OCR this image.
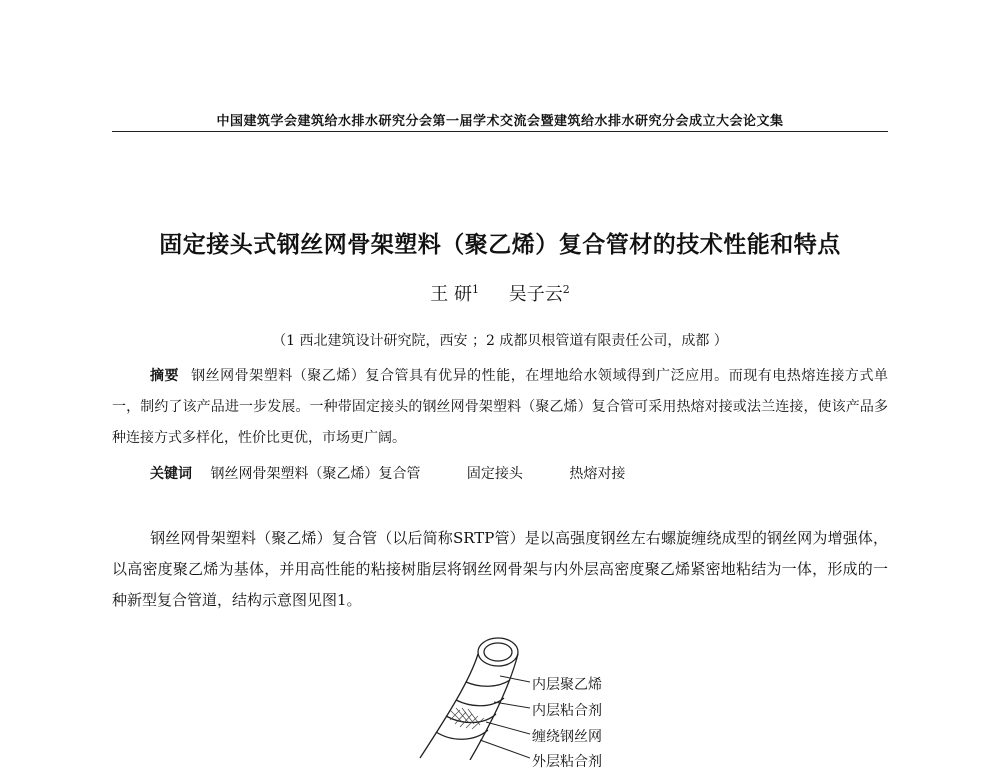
中国建筑学会建筑给水排水研究分会第一届学术交流会暨建筑给水排水研究分会成立大会论文集
固定接头式钢丝网骨架塑料（聚乙烯）复合管材的技术性能和特点
王 研$^1$ 吴子云$^2$
（1 西北建筑设计研究院，西安 ；2 成都贝根管道有限责任公司，成都 ）
摘要 钢丝网骨架塑料（聚乙烯）复合管具有优异的性能，在埋地给水领域得到广泛应用。而现有电热熔连接方式单一，制约了该产品进一步发展。一种带固定接头的钢丝网骨架塑料（聚乙烯）复合管可采用热熔对接或法兰连接，使该产品多种连接方式多样化，性价比更优，市场更广阔。
关键词 钢丝网骨架塑料（聚乙烯）复合管	固定接头	热熔对接
钢丝网骨架塑料（聚乙烯）复合管（以后简称SRTP管）是以高强度钢丝左右螺旋缠绕成型的钢丝网为增强体，以高密度聚乙烯为基体，并用高性能的粘接树脂层将钢丝网骨架与内外层高密度聚乙烯紧密地粘结为一体，形成的一种新型复合管道，结构示意图见图1。
内层聚乙烯
内层粘合剂
缠绕钢丝网
外层粘合剂
